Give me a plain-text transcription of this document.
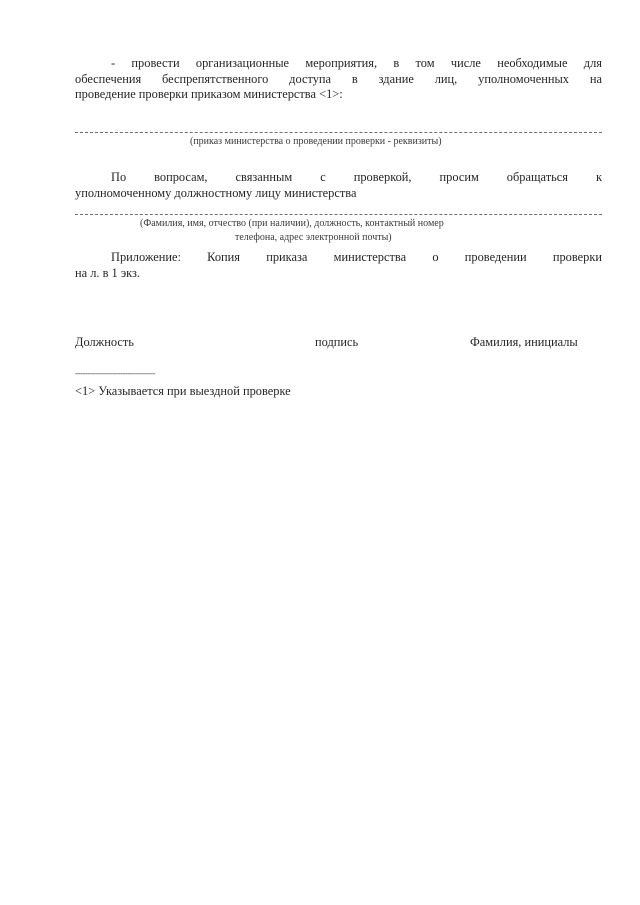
- провести организационные мероприятия, в том числе необходимые для
обеспечения беспрепятственного доступа в здание лиц, уполномоченных на
проведение проверки приказом министерства <1>:
(приказ министерства о проведении проверки - реквизиты)
По вопросам, связанным с проверкой, просим обращаться к
уполномоченному должностному лицу министерства
(Фамилия, имя, отчество (при наличии), должность, контактный номер
телефона, адрес электронной почты)
Приложение: Копия приказа министерства о проведении проверки
на л. в 1 экз.
Должность	подпись	Фамилия, инициалы
--------------------------------
<1> Указывается при выездной проверке
